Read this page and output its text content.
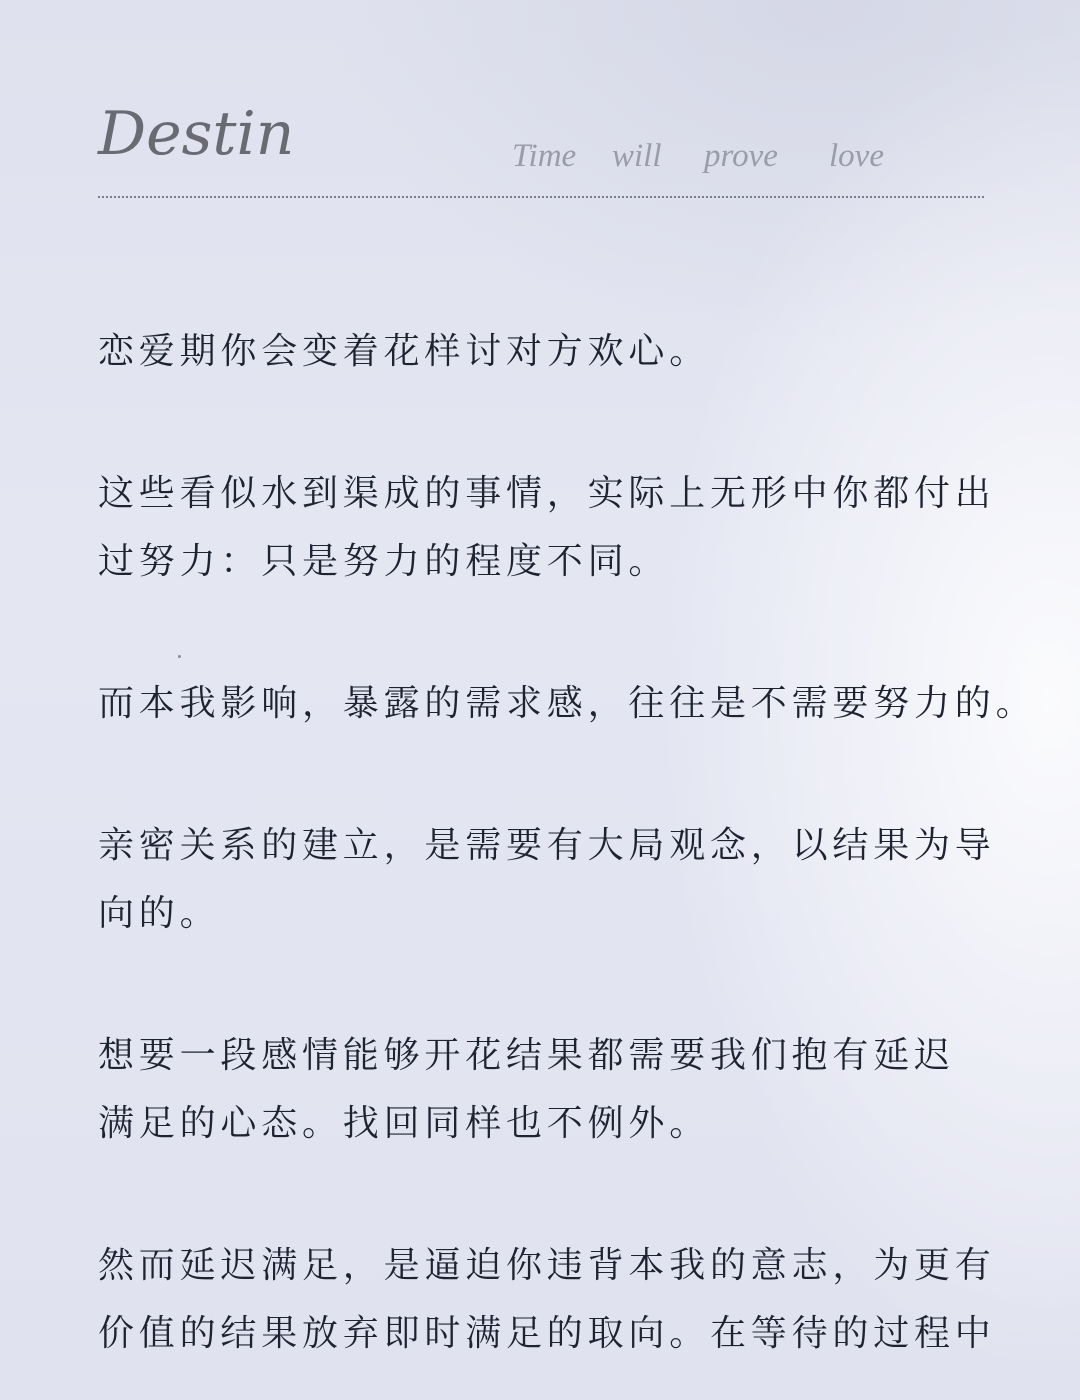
Destin	Time will prove love

恋爱期你会变着花样讨对方欢心。

这些看似水到渠成的事情，实际上无形中你都付出
过努力：只是努力的程度不同。

而本我影响，暴露的需求感，往往是不需要努力的。

亲密关系的建立，是需要有大局观念，以结果为导
向的。

想要一段感情能够开花结果都需要我们抱有延迟
满足的心态。找回同样也不例外。

然而延迟满足，是逼迫你违背本我的意志，为更有
价值的结果放弃即时满足的取向。在等待的过程中
